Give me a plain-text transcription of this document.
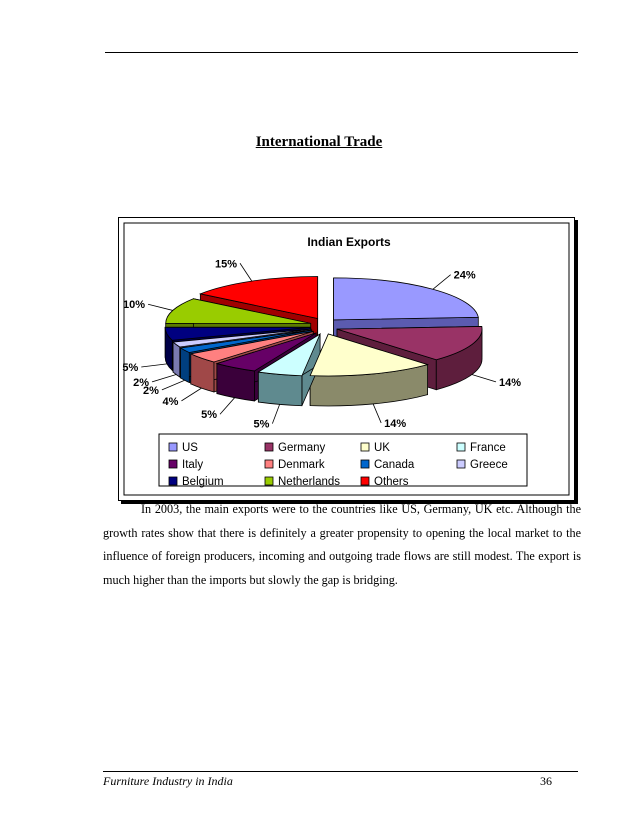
International Trade
Indian Exports
24%
14%
14%
5%
5%
4%
2%
2%
5%
10%
15%
US	Germany	UK	France
Italy	Denmark	Canada	Greece
Belgium	Netherlands	Others
In 2003, the main exports were to the countries like US, Germany, UK etc. Although the growth rates show that there is definitely a greater propensity to opening the local market to the influence of foreign producers, incoming and outgoing trade flows are still modest. The export is much higher than the imports but slowly the gap is bridging.
Furniture Industry in India	36
